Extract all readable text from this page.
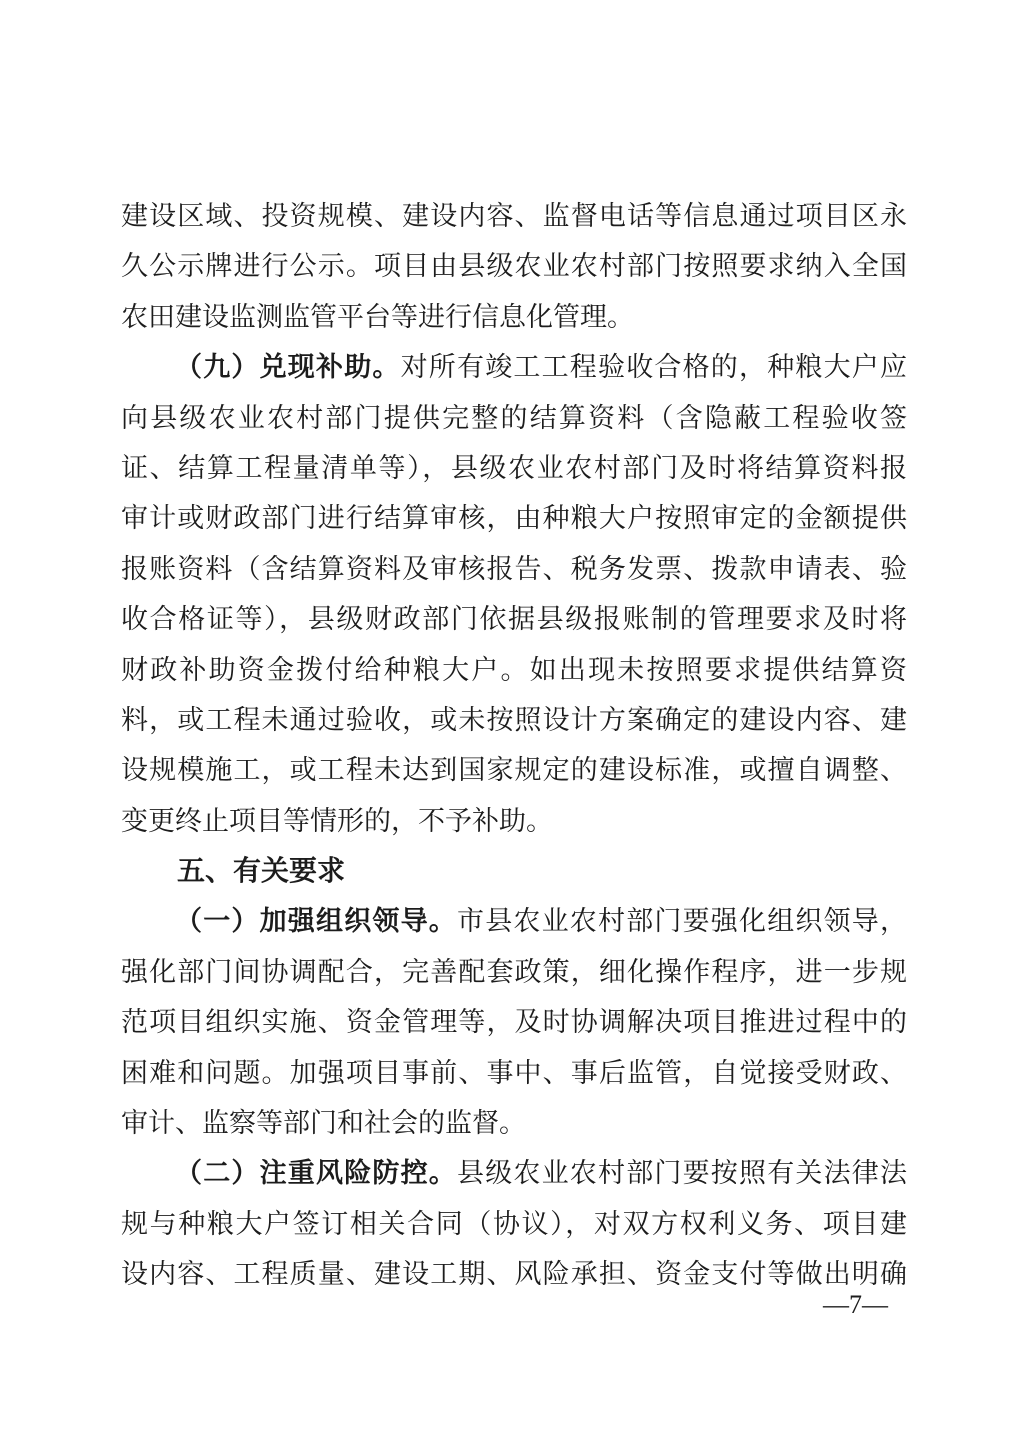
建设区域、投资规模、建设内容、监督电话等信息通过项目区永
久公示牌进行公示。项目由县级农业农村部门按照要求纳入全国
农田建设监测监管平台等进行信息化管理。
（九）兑现补助。对所有竣工工程验收合格的，种粮大户应
向县级农业农村部门提供完整的结算资料（含隐蔽工程验收签
证、结算工程量清单等），县级农业农村部门及时将结算资料报
审计或财政部门进行结算审核，由种粮大户按照审定的金额提供
报账资料（含结算资料及审核报告、税务发票、拨款申请表、验
收合格证等），县级财政部门依据县级报账制的管理要求及时将
财政补助资金拨付给种粮大户。如出现未按照要求提供结算资
料，或工程未通过验收，或未按照设计方案确定的建设内容、建
设规模施工，或工程未达到国家规定的建设标准，或擅自调整、
变更终止项目等情形的，不予补助。
五、有关要求
（一）加强组织领导。市县农业农村部门要强化组织领导，
强化部门间协调配合，完善配套政策，细化操作程序，进一步规
范项目组织实施、资金管理等，及时协调解决项目推进过程中的
困难和问题。加强项目事前、事中、事后监管，自觉接受财政、
审计、监察等部门和社会的监督。
（二）注重风险防控。县级农业农村部门要按照有关法律法
规与种粮大户签订相关合同（协议），对双方权利义务、项目建
设内容、工程质量、建设工期、风险承担、资金支付等做出明确
—7—
